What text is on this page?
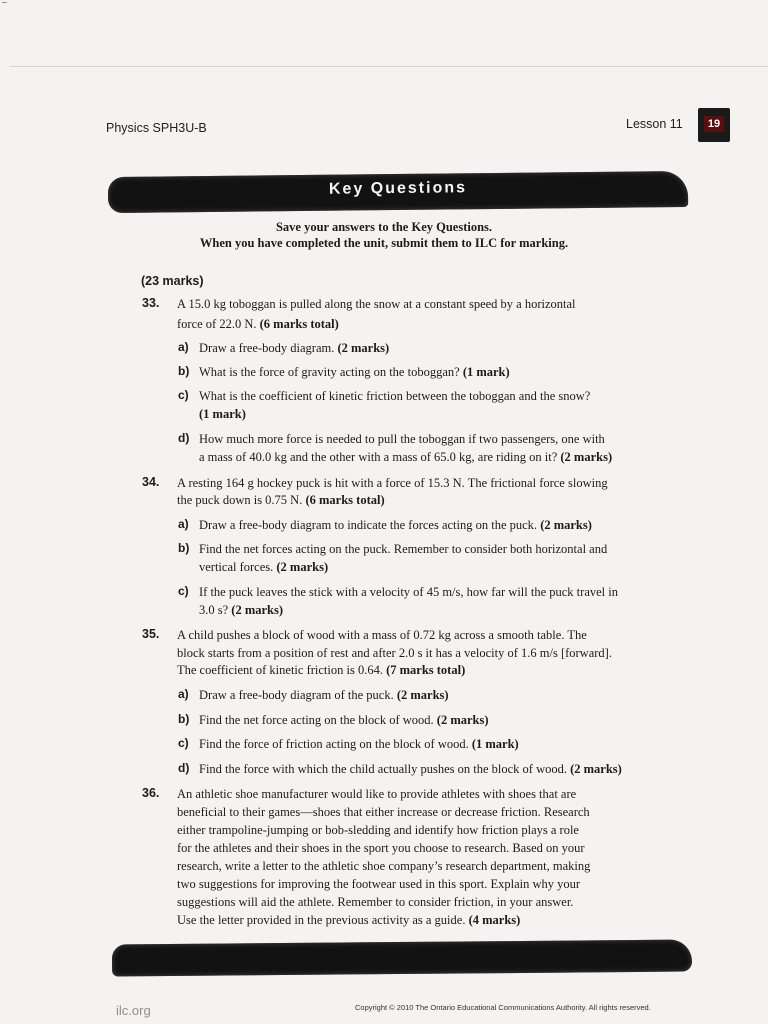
Physics SPH3U-B	Lesson 11	19
Key Questions
Save your answers to the Key Questions.
When you have completed the unit, submit them to ILC for marking.
(23 marks)
33. A 15.0 kg toboggan is pulled along the snow at a constant speed by a horizontal
force of 22.0 N. (6 marks total)
a) Draw a free-body diagram. (2 marks)
b) What is the force of gravity acting on the toboggan? (1 mark)
c) What is the coefficient of kinetic friction between the toboggan and the snow?
(1 mark)
d) How much more force is needed to pull the toboggan if two passengers, one with
a mass of 40.0 kg and the other with a mass of 65.0 kg, are riding on it? (2 marks)
34. A resting 164 g hockey puck is hit with a force of 15.3 N. The frictional force slowing
the puck down is 0.75 N. (6 marks total)
a) Draw a free-body diagram to indicate the forces acting on the puck. (2 marks)
b) Find the net forces acting on the puck. Remember to consider both horizontal and
vertical forces. (2 marks)
c) If the puck leaves the stick with a velocity of 45 m/s, how far will the puck travel in
3.0 s? (2 marks)
35. A child pushes a block of wood with a mass of 0.72 kg across a smooth table. The
block starts from a position of rest and after 2.0 s it has a velocity of 1.6 m/s [forward].
The coefficient of kinetic friction is 0.64. (7 marks total)
a) Draw a free-body diagram of the puck. (2 marks)
b) Find the net force acting on the block of wood. (2 marks)
c) Find the force of friction acting on the block of wood. (1 mark)
d) Find the force with which the child actually pushes on the block of wood. (2 marks)
36. An athletic shoe manufacturer would like to provide athletes with shoes that are
beneficial to their games—shoes that either increase or decrease friction. Research
either trampoline-jumping or bob-sledding and identify how friction plays a role
for the athletes and their shoes in the sport you choose to research. Based on your
research, write a letter to the athletic shoe company’s research department, making
two suggestions for improving the footwear used in this sport. Explain why your
suggestions will aid the athlete. Remember to consider friction, in your answer.
Use the letter provided in the previous activity as a guide. (4 marks)
ilc.org	Copyright © 2010 The Ontario Educational Communications Authority. All rights reserved.
